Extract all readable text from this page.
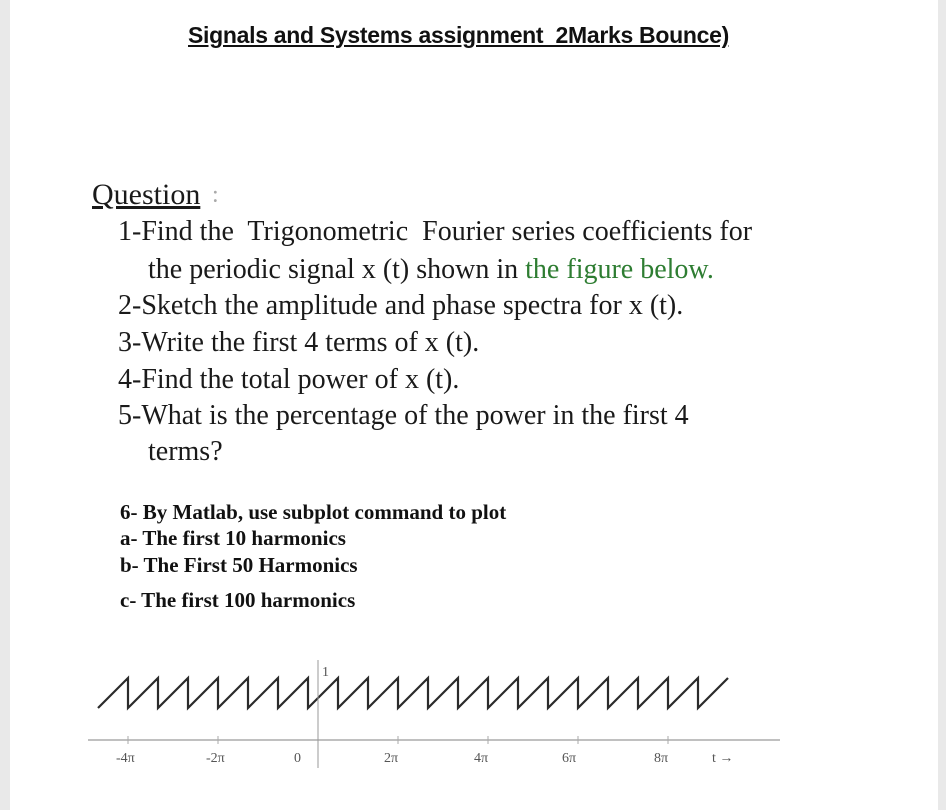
Signals and Systems assignment  2Marks Bounce)
Question :
1-Find the  Trigonometric  Fourier series coefficients for
the periodic signal x (t) shown in the figure below.
2-Sketch the amplitude and phase spectra for x (t).
3-Write the first 4 terms of x (t).
4-Find the total power of x (t).
5-What is the percentage of the power in the first 4
terms?
6- By Matlab, use subplot command to plot
a- The first 10 harmonics
b- The First 50 Harmonics
c- The first 100 harmonics
1
-4π	-2π	0	2π	4π	6π	8π	t →
